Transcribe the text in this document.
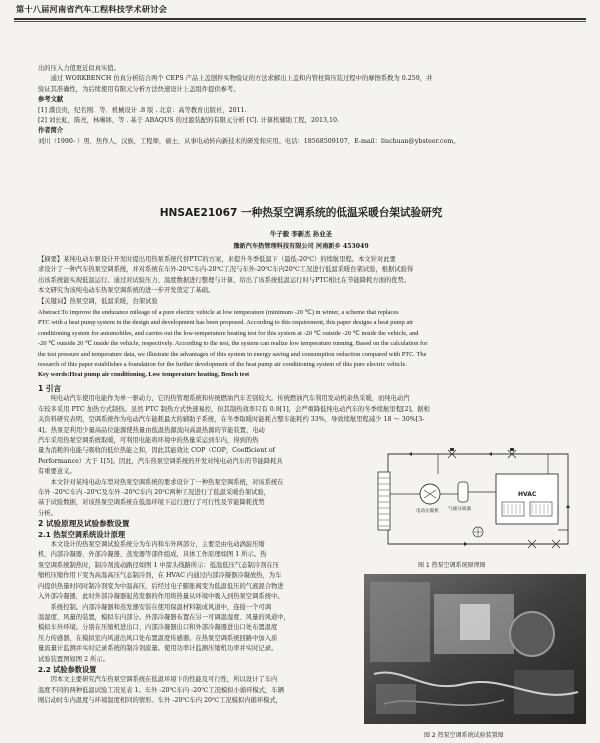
第十八届河南省汽车工程科技学术研讨会

出的压入力值更近似真实值。

　　通过 WORKBENCH 仿真分析结合两个 CEPS 产品上盖刨件实物验证的方法求解出上盖和内管柱简压装过程中的摩擦系数为 0.259，并

验证其准确性，为后续使用有限元分析方法快速设计上盖组件提供参考。

参考文献

[1] 濮良贵，纪名刚．等．机械设计 .8 版 . 北京：高等教育出版社，2011.

[2] 刘长虹，陈亮，林琳钵，等 . 基于 ABAQUS 的过盈装配的有限元分析 [C]. 计算机辅助工程，2013,10.

作者简介

刘川（1990- ）男，焦作人，汉族，工程师，硕士，从事电动转向新技术的研发和应用。电话：18568509107，E-mail：liuchuan@ybsteer.com。

HNSAE21067 一种热泵空调系统的低温采暖台架试验研究
牛子毅 李新杰 孙业圣
豫新汽车热管理科技有限公司 河南新乡 453049

【摘要】某纯电动车驱设计开发时提出用热泵系统代替PTC的方案，来提升冬季低温下（最低-20℃）的续航里程。本文针对此要

求设计了一种汽车热泵空调系统，并对系统在车外-20℃车内-20℃工况与车外-20℃车内20℃工况进行低温采暖台架试验，根据试验得

出该系统能实现低温运行。通过对试验压力、温度数据进行整理与计算，给出了该系统低温运行时与PTC相比在节能降耗方面的优势。

本文研究为该纯电动车热泵空调系统的进一步开发奠定了基础。

【关键词】热泵空调，低温采暖，台架试验

Abstract:To improve the endurance mileage of a pure electric vehicle at low temperature (minimum -20 ℃) in winter, a scheme that replaces

PTC with a heat pump system in the design and development has been proposed. According to this requirement, this paper designs a heat pump air

conditioning system for automobiles, and carries out the low-temperature heating test for this system at -20 ℃ outside -20 ℃ inside the vehicle, and

-20 ℃ outside 20 ℃ inside the vehicle, respectively. According to the test, the system can realize low temperature running. Based on the calculation for

the test pressure and temperature data, we illustrate the advantages of this system in energy saving and consumption reduction compared with PTC. The

research of this paper establishes a foundation for the further development of the heat pump air conditioning system of this pure electric vehicle.

Key words:Heat pump air conditioning, Low temperature heating, Bench test

1 引言

　　纯电动汽车使用电能作为单一驱动力，它的热管理系统和传统燃油汽车差别较大。传统燃油汽车利用发动机余热采暖，而纯电动汽

车较多采用 PTC 加热方式制热。虽然 PTC 制热方式快速易控，但其制热效率只有 0.9[1]，会严重降低纯电动汽车的冬季续航里程[2]。据相

关资料研究表明，空调系统作为电动汽车能耗最大的辅助子系统，在冬季取暖时能耗占整车能耗约 33%，导致续航里程减少 18 ～ 30%[3-

4]。热泵是利用少量高品位能源使热量由低温热源流向高温热源的节能装置，电动

汽车采用热泵空调系统取暖，可利用电能将环境中的热量采运到车内，得到的热

量为消耗的电能与吸收的低位热能之和，因此其能效比 COP（COP，Coefficient of

Performance）大于 1[5]。因此，汽车热泵空调系统的开发对纯电动汽车的节能降耗具

有重要意义。

　　本文针对某纯电动车型对热泵空调系统的要求设计了一种热泵空调系统，对该系统在

车外 -20℃车内 -20℃及车外 -20℃车内 20℃两种工况进行了低温采暖台架试验，

基于试验数据，对该热泵空调系统在低温环境下运行进行了可行性及节能降耗优势

分析。

2 试验原理及试验参数设置

2.1 热泵空调系统设计原理

　　本文设计的热泵空调试验系统分为车内和车外两部分，主要是由电动涡旋压缩

机、内部冷凝器、外部冷凝器、蒸发器等部件组成，具体工作原理如图 1 所示。热

泵空调系统制热时，制冷剂流动路径如图 1 中箭头线路所示：低温低压气态制冷剂在压

缩机压缩作用下变为高温高压气态制冷剂，在 HVAC 内通过内部冷凝器冷凝放热，为车

内提供热量时同时制冷剂变为中温高压，后经过电子膨胀阀变为低温低压的气液混合物进

入外部冷凝器，此时外部冷凝器起蒸发器的作用将热量从环境中吸入到热泵空调系统中。

　　系统控制。内部冷凝器和蒸发器安装在使用保温材料制成风道中，连接一个可调

温湿度、风量的装置，模拟车内部分。外部冷凝器布置在另一可调温湿度、风量的风道中，

模拟车外环境。分别在压缩机进出口、内部冷凝器出口和外部冷凝器进出口处布置温度

压力传感器，在模拟室内风道出风口处布置温度传感器。在热泵空调系统回路中加入质

量流量计监测并实时记录系统的制冷剂流量。使用功率计监测压缩机功率并实时记录。

试验装置图如图 2 所示。

2.2 试验参数设置

　　因本文主要研究汽车热泵空调系统在低温环境下的性能及可行性，所以设计了车内

温度不同的两种低温试验工况见表 1。车外 -20℃车内 -20℃工况模拟小循环模式，车辆

刚启动时车内温度与环境温度相同的情形。车外 -20℃车内 20℃工况模拟内循环模式，

电动压缩机 气液分离器
HVAC
图 1 热泵空调系统原理图
图 2 热泵空调系统试验装置图
